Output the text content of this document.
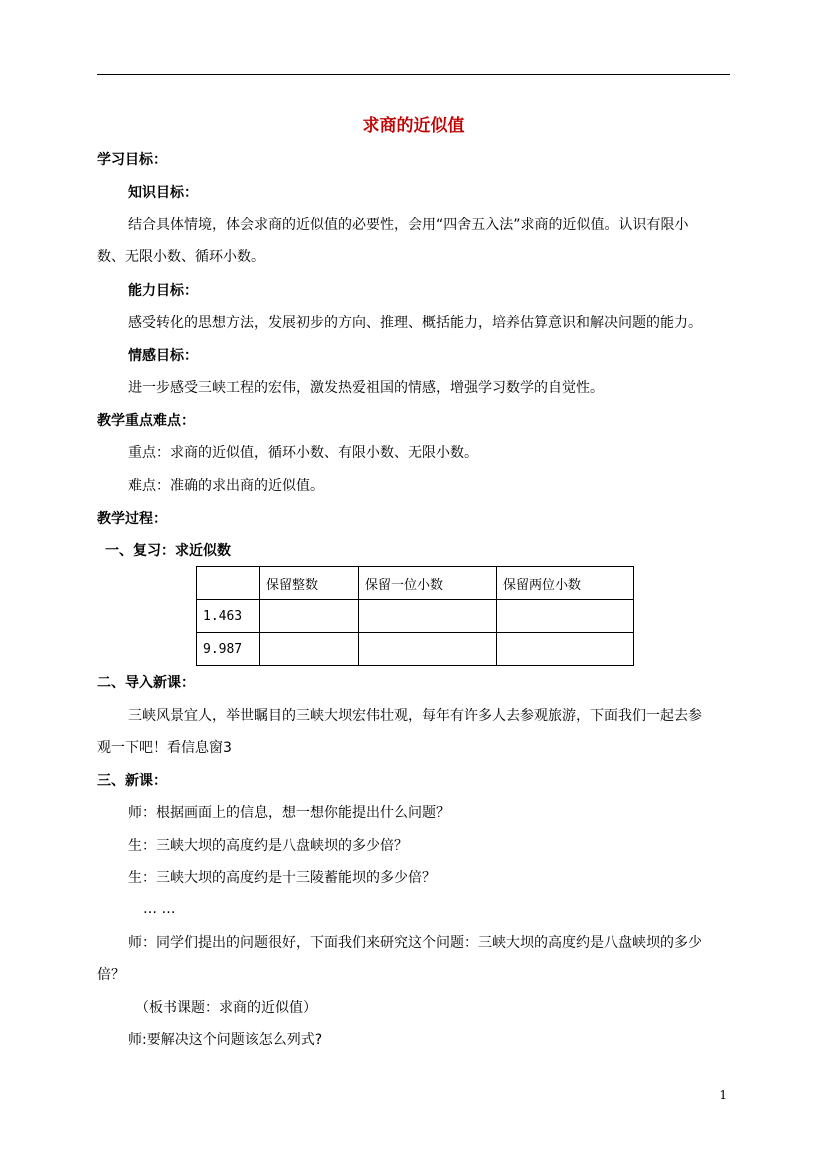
求商的近似值
学习目标：
知识目标：
结合具体情境，体会求商的近似值的必要性，会用“四舍五入法”求商的近似值。认识有限小
数、无限小数、循环小数。
能力目标：
感受转化的思想方法，发展初步的方向、推理、概括能力，培养估算意识和解决问题的能力。
情感目标：
进一步感受三峡工程的宏伟，激发热爱祖国的情感，增强学习数学的自觉性。
教学重点难点：
重点：求商的近似值，循环小数、有限小数、无限小数。
难点：准确的求出商的近似值。
教学过程：
一、复习：求近似数
	保留整数	保留一位小数	保留两位小数
1.463			
9.987			
二、导入新课：
三峡风景宜人，举世瞩目的三峡大坝宏伟壮观，每年有许多人去参观旅游，下面我们一起去参
观一下吧！看信息窗3
三、新课：
师：根据画面上的信息，想一想你能提出什么问题？
生：三峡大坝的高度约是八盘峡坝的多少倍？
生：三峡大坝的高度约是十三陵蓄能坝的多少倍？
… …
师：同学们提出的问题很好，下面我们来研究这个问题：三峡大坝的高度约是八盘峡坝的多少
倍？
（板书课题：求商的近似值）
师:要解决这个问题该怎么列式?
1
